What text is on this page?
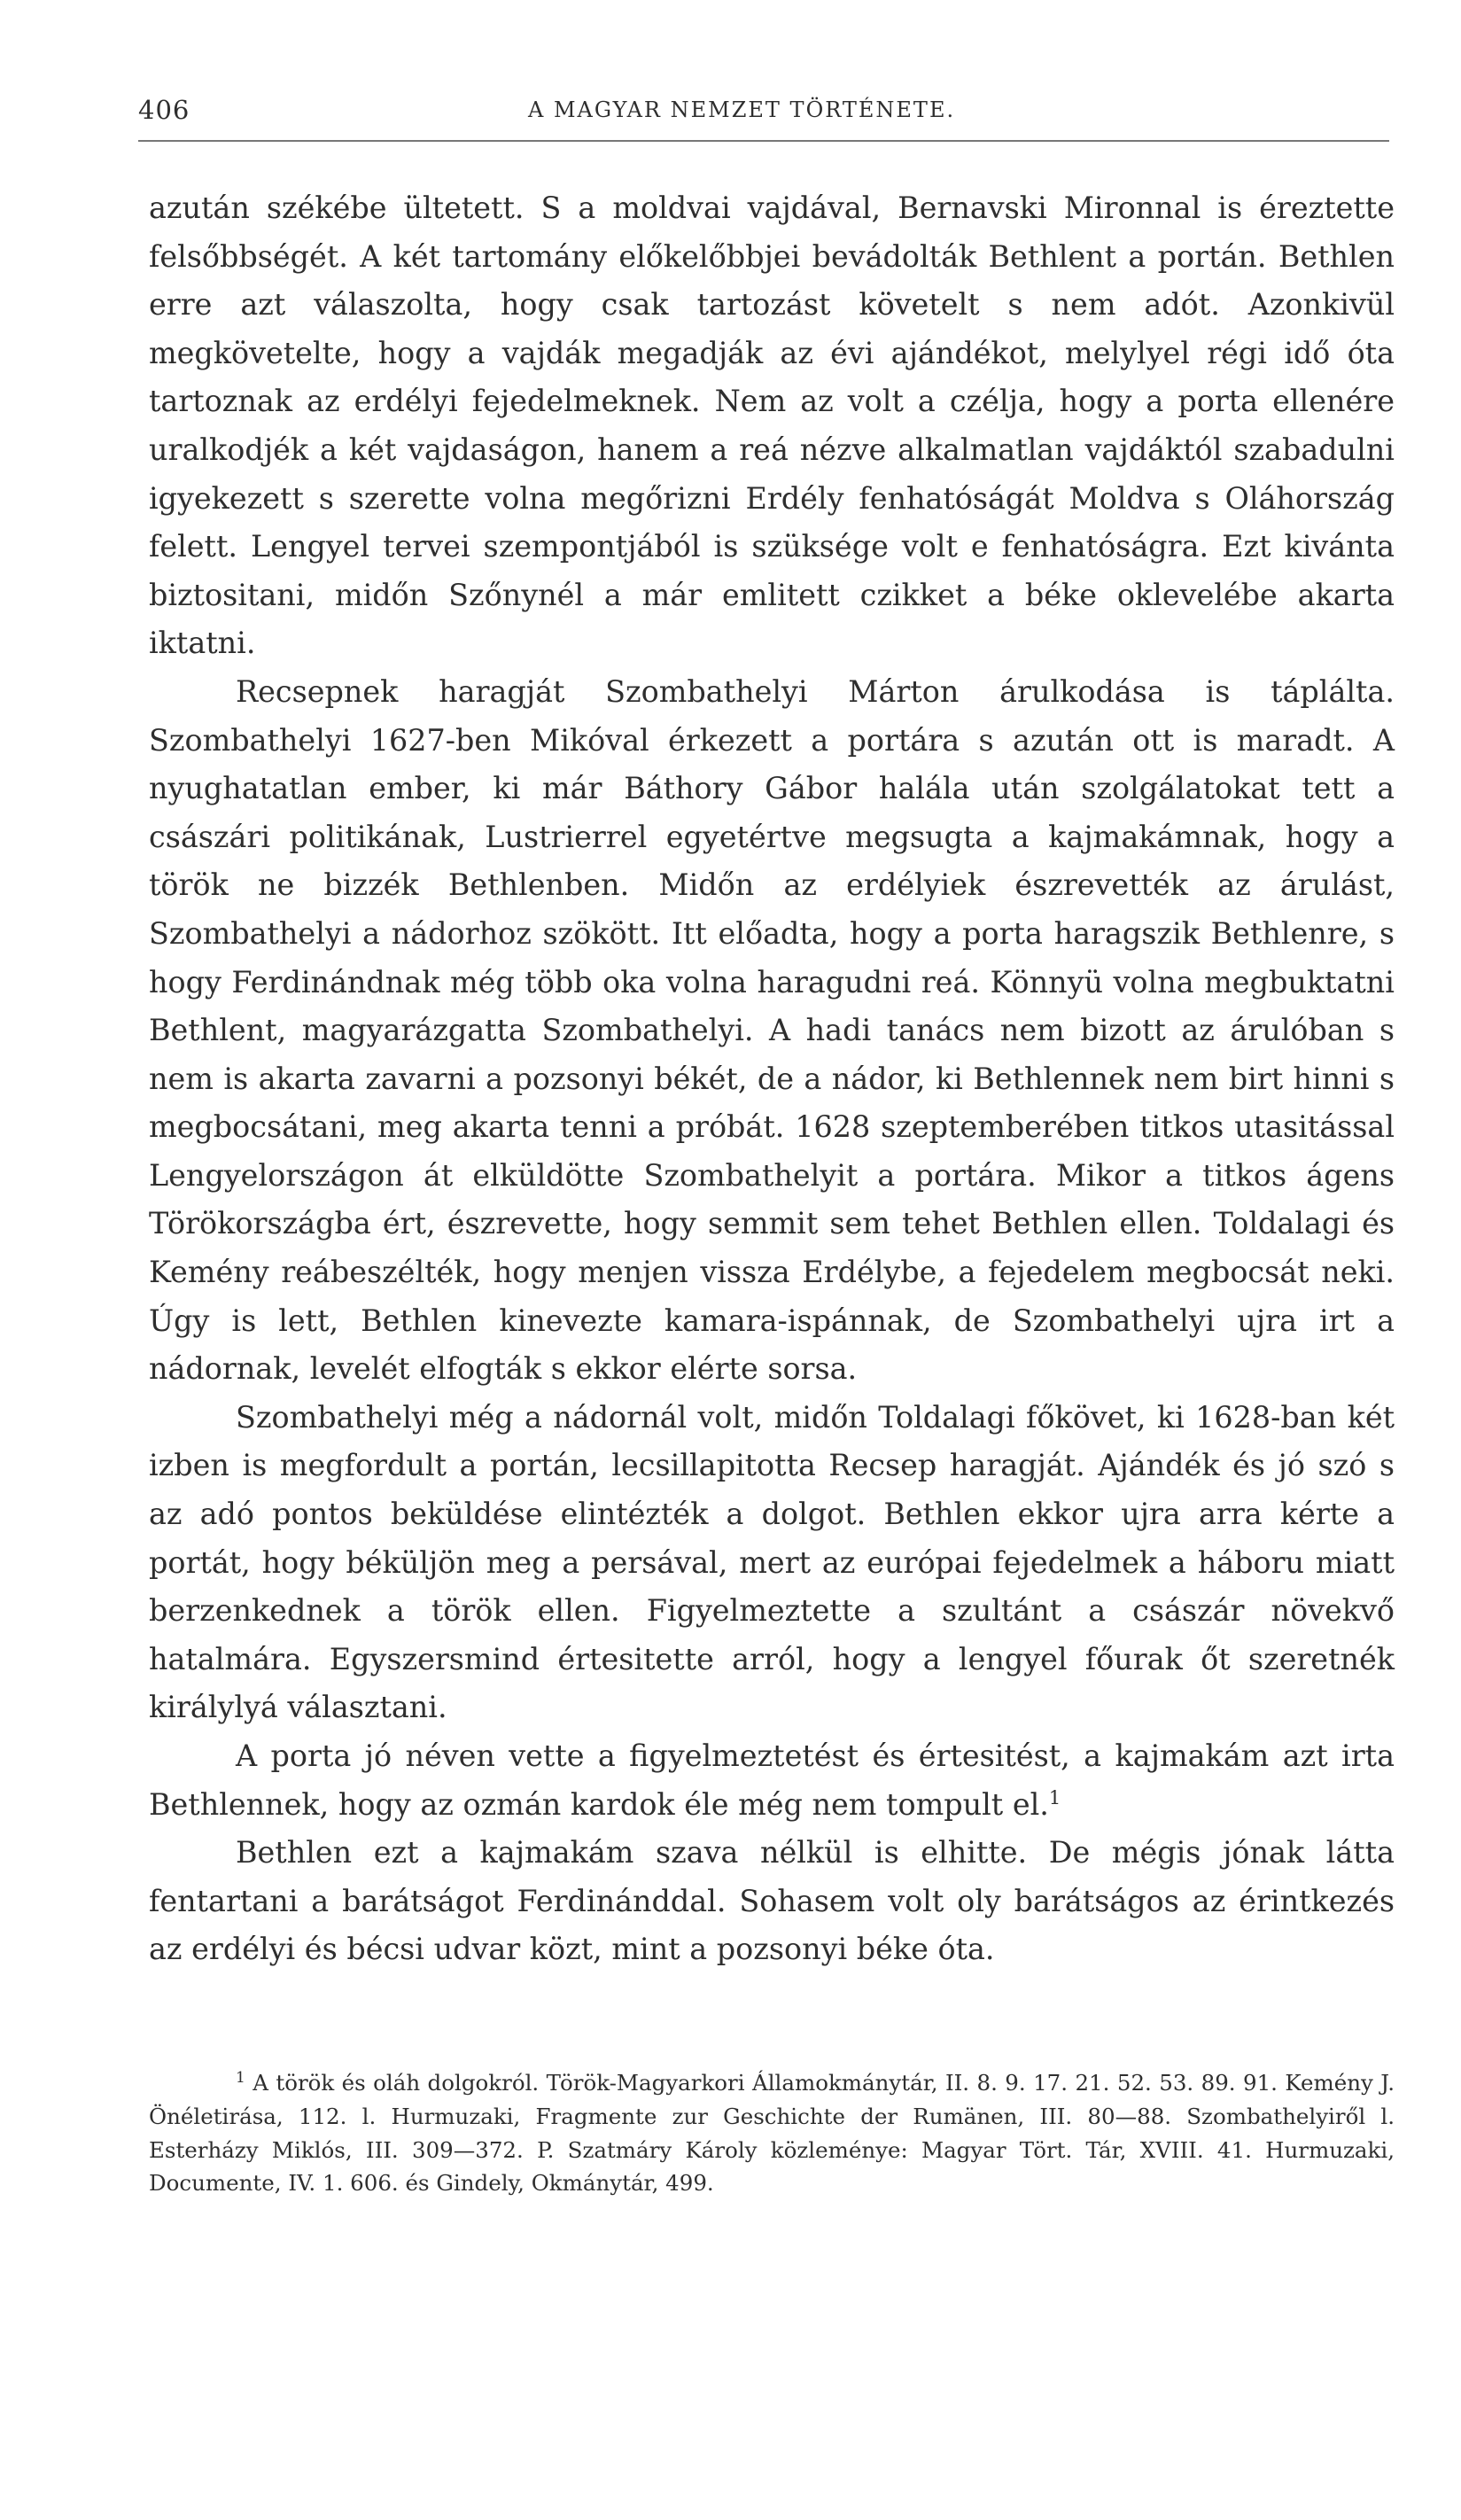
406	A MAGYAR NEMZET TÖRTÉNETE.

azután székébe ültetett. S a moldvai vajdával, Bernavski Mironnal is éreztette felsőbbségét. A két tartomány előkelőbbjei bevádolták Bethlent a portán. Bethlen erre azt válaszolta, hogy csak tartozást követelt s nem adót. Azonkivül megkövetelte, hogy a vajdák megadják az évi ajándékot, melylyel régi idő óta tartoznak az erdélyi fejedelmeknek. Nem az volt a czélja, hogy a porta ellenére uralkodjék a két vajdaságon, hanem a reá nézve alkalmatlan vajdáktól szabadulni igyekezett s szerette volna megőrizni Erdély fenhatóságát Moldva s Oláhország felett. Lengyel tervei szempontjából is szüksége volt e fenhatóságra. Ezt kivánta biztositani, midőn Szőnynél a már emlitett czikket a béke oklevelébe akarta iktatni.

Recsepnek haragját Szombathelyi Márton árulkodása is táplálta. Szombathelyi 1627-ben Mikóval érkezett a portára s azután ott is maradt. A nyughatatlan ember, ki már Báthory Gábor halála után szolgálatokat tett a császári politikának, Lustrierrel egyetértve megsugta a kajmakámnak, hogy a török ne bizzék Bethlenben. Midőn az erdélyiek észrevették az árulást, Szombathelyi a nádorhoz szökött. Itt előadta, hogy a porta haragszik Bethlenre, s hogy Ferdinándnak még több oka volna haragudni reá. Könnyü volna megbuktatni Bethlent, magyarázgatta Szombathelyi. A hadi tanács nem bizott az árulóban s nem is akarta zavarni a pozsonyi békét, de a nádor, ki Bethlennek nem birt hinni s megbocsátani, meg akarta tenni a próbát. 1628 szeptemberében titkos utasitással Lengyelországon át elküldötte Szombathelyit a portára. Mikor a titkos ágens Törökországba ért, észrevette, hogy semmit sem tehet Bethlen ellen. Toldalagi és Kemény reábeszélték, hogy menjen vissza Erdélybe, a fejedelem megbocsát neki. Úgy is lett, Bethlen kinevezte kamara-ispánnak, de Szombathelyi ujra irt a nádornak, levelét elfogták s ekkor elérte sorsa.

Szombathelyi még a nádornál volt, midőn Toldalagi főkövet, ki 1628-ban két izben is megfordult a portán, lecsillapitotta Recsep haragját. Ajándék és jó szó s az adó pontos beküldése elintézték a dolgot. Bethlen ekkor ujra arra kérte a portát, hogy béküljön meg a persával, mert az európai fejedelmek a háboru miatt berzenkednek a török ellen. Figyelmeztette a szultánt a császár növekvő hatalmára. Egyszersmind értesitette arról, hogy a lengyel főurak őt szeretnék királylyá választani.

A porta jó néven vette a figyelmeztetést és értesitést, a kajmakám azt irta Bethlennek, hogy az ozmán kardok éle még nem tompult el.$^1$

Bethlen ezt a kajmakám szava nélkül is elhitte. De mégis jónak látta fentartani a barátságot Ferdinánddal. Sohasem volt oly barátságos az érintkezés az erdélyi és bécsi udvar közt, mint a pozsonyi béke óta.

$^1$ A török és oláh dolgokról. Török-Magyarkori Államokmánytár, II. 8. 9. 17. 21. 52. 53. 89. 91. Kemény J. Önéletirása, 112. l. Hurmuzaki, Fragmente zur Geschichte der Rumänen, III. 80—88. Szombathelyiről l. Esterházy Miklós, III. 309—372. P. Szatmáry Károly közleménye: Magyar Tört. Tár, XVIII. 41. Hurmuzaki, Documente, IV. 1. 606. és Gindely, Okmánytár, 499.
